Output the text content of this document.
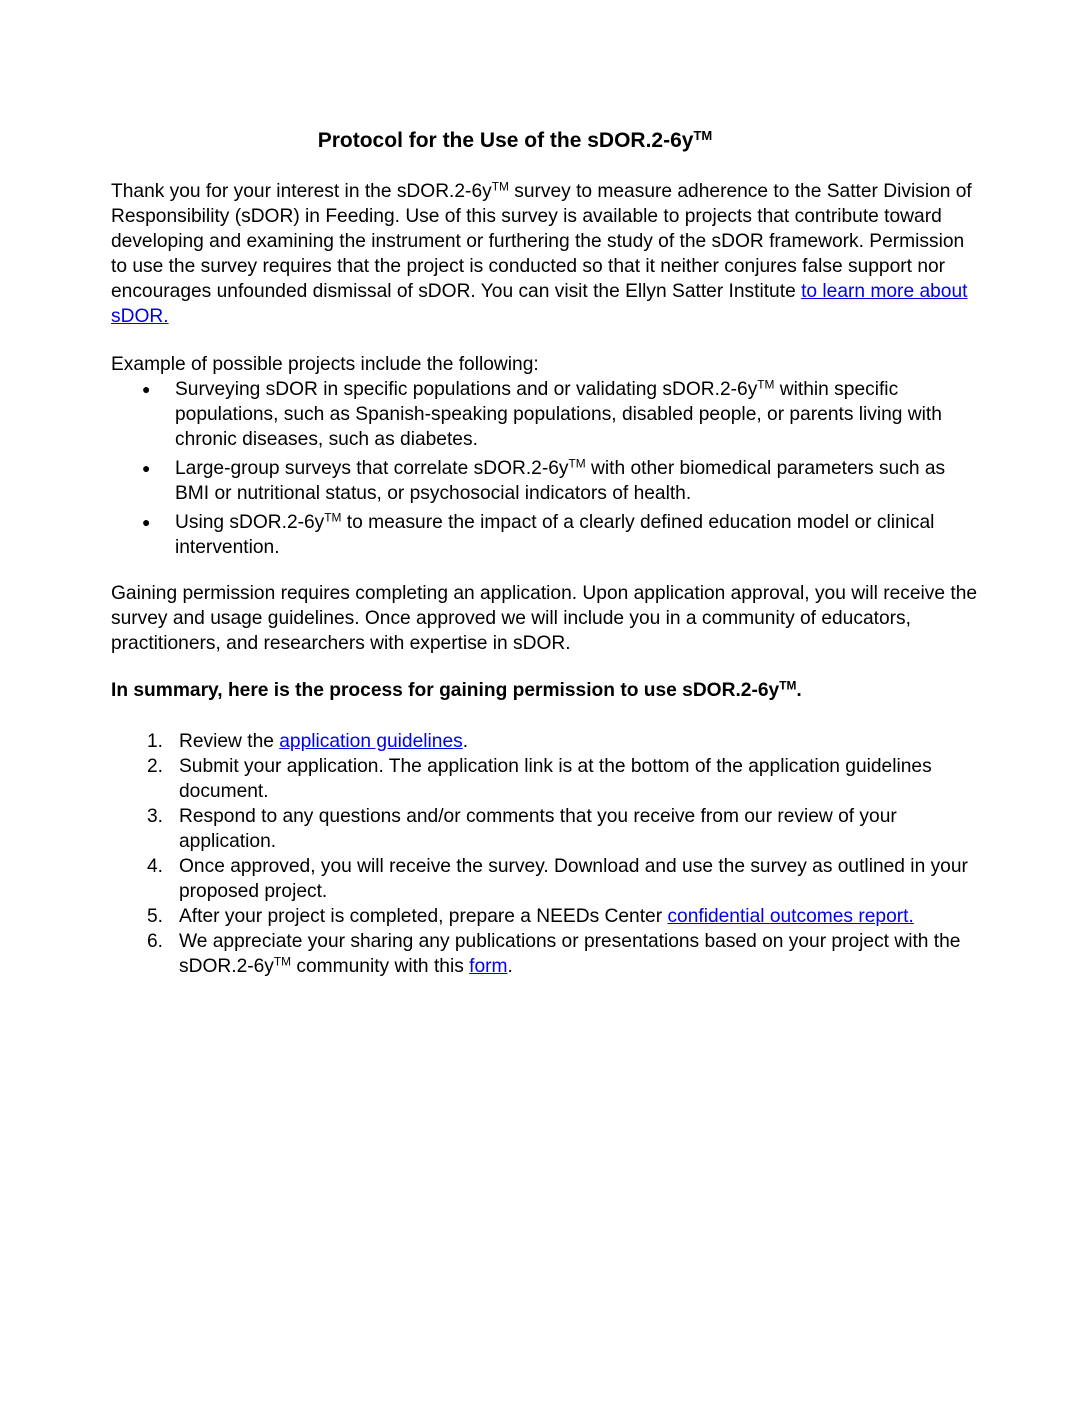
Protocol for the Use of the sDOR.2-6y™
Thank you for your interest in the sDOR.2-6y™ survey to measure adherence to the Satter Division of Responsibility (sDOR) in Feeding. Use of this survey is available to projects that contribute toward developing and examining the instrument or furthering the study of the sDOR framework. Permission to use the survey requires that the project is conducted so that it neither conjures false support nor encourages unfounded dismissal of sDOR. You can visit the Ellyn Satter Institute to learn more about sDOR.
Example of possible projects include the following:
● Surveying sDOR in specific populations and or validating sDOR.2-6y™ within specific populations, such as Spanish-speaking populations, disabled people, or parents living with chronic diseases, such as diabetes.
● Large-group surveys that correlate sDOR.2-6y™ with other biomedical parameters such as BMI or nutritional status, or psychosocial indicators of health.
● Using sDOR.2-6y™ to measure the impact of a clearly defined education model or clinical intervention.
Gaining permission requires completing an application. Upon application approval, you will receive the survey and usage guidelines. Once approved we will include you in a community of educators, practitioners, and researchers with expertise in sDOR.
In summary, here is the process for gaining permission to use sDOR.2-6y™.
1. Review the application guidelines.
2. Submit your application. The application link is at the bottom of the application guidelines document.
3. Respond to any questions and/or comments that you receive from our review of your application.
4. Once approved, you will receive the survey. Download and use the survey as outlined in your proposed project.
5. After your project is completed, prepare a NEEDs Center confidential outcomes report.
6. We appreciate your sharing any publications or presentations based on your project with the sDOR.2-6y™ community with this form.
